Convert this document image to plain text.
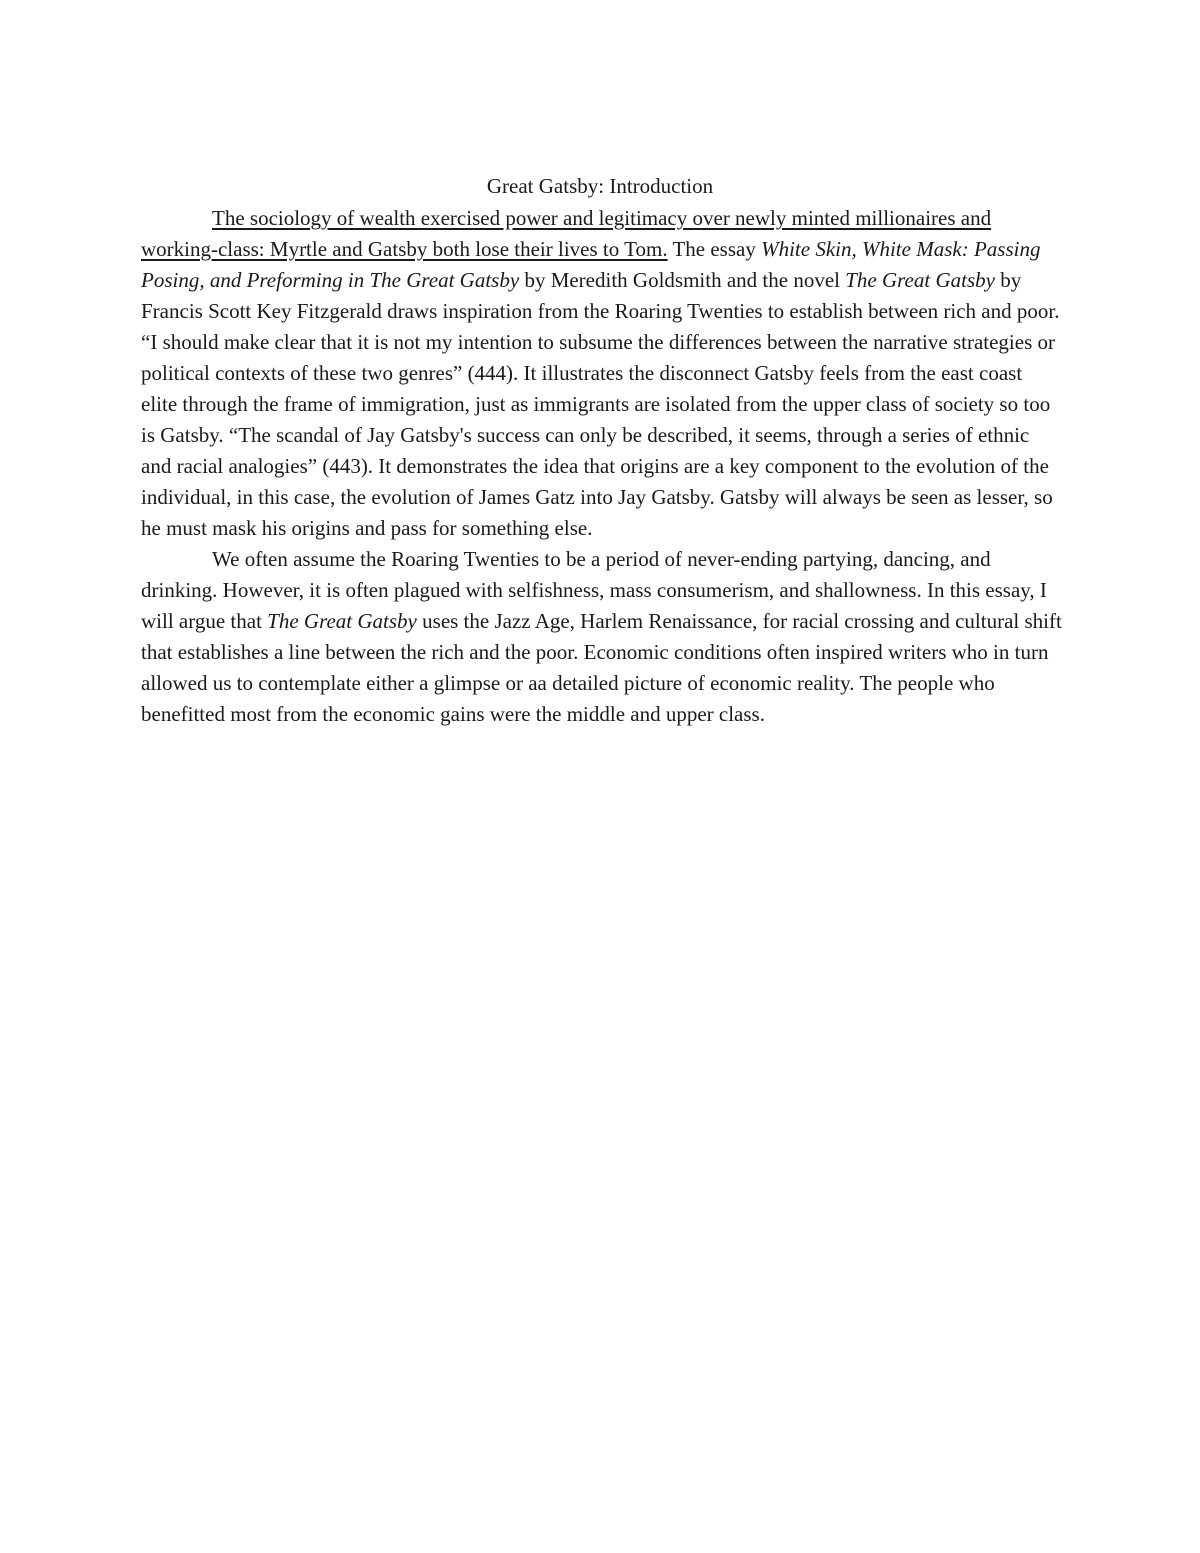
Great Gatsby: Introduction

The sociology of wealth exercised power and legitimacy over newly minted millionaires and working-class: Myrtle and Gatsby both lose their lives to Tom. The essay White Skin, White Mask: Passing Posing, and Preforming in The Great Gatsby by Meredith Goldsmith and the novel The Great Gatsby by Francis Scott Key Fitzgerald draws inspiration from the Roaring Twenties to establish between rich and poor. “I should make clear that it is not my intention to subsume the differences between the narrative strategies or political contexts of these two genres” (444). It illustrates the disconnect Gatsby feels from the east coast elite through the frame of immigration, just as immigrants are isolated from the upper class of society so too is Gatsby. “The scandal of Jay Gatsby's success can only be described, it seems, through a series of ethnic and racial analogies” (443). It demonstrates the idea that origins are a key component to the evolution of the individual, in this case, the evolution of James Gatz into Jay Gatsby. Gatsby will always be seen as lesser, so he must mask his origins and pass for something else.

We often assume the Roaring Twenties to be a period of never-ending partying, dancing, and drinking. However, it is often plagued with selfishness, mass consumerism, and shallowness. In this essay, I will argue that The Great Gatsby uses the Jazz Age, Harlem Renaissance, for racial crossing and cultural shift that establishes a line between the rich and the poor. Economic conditions often inspired writers who in turn allowed us to contemplate either a glimpse or aa detailed picture of economic reality. The people who benefitted most from the economic gains were the middle and upper class.
